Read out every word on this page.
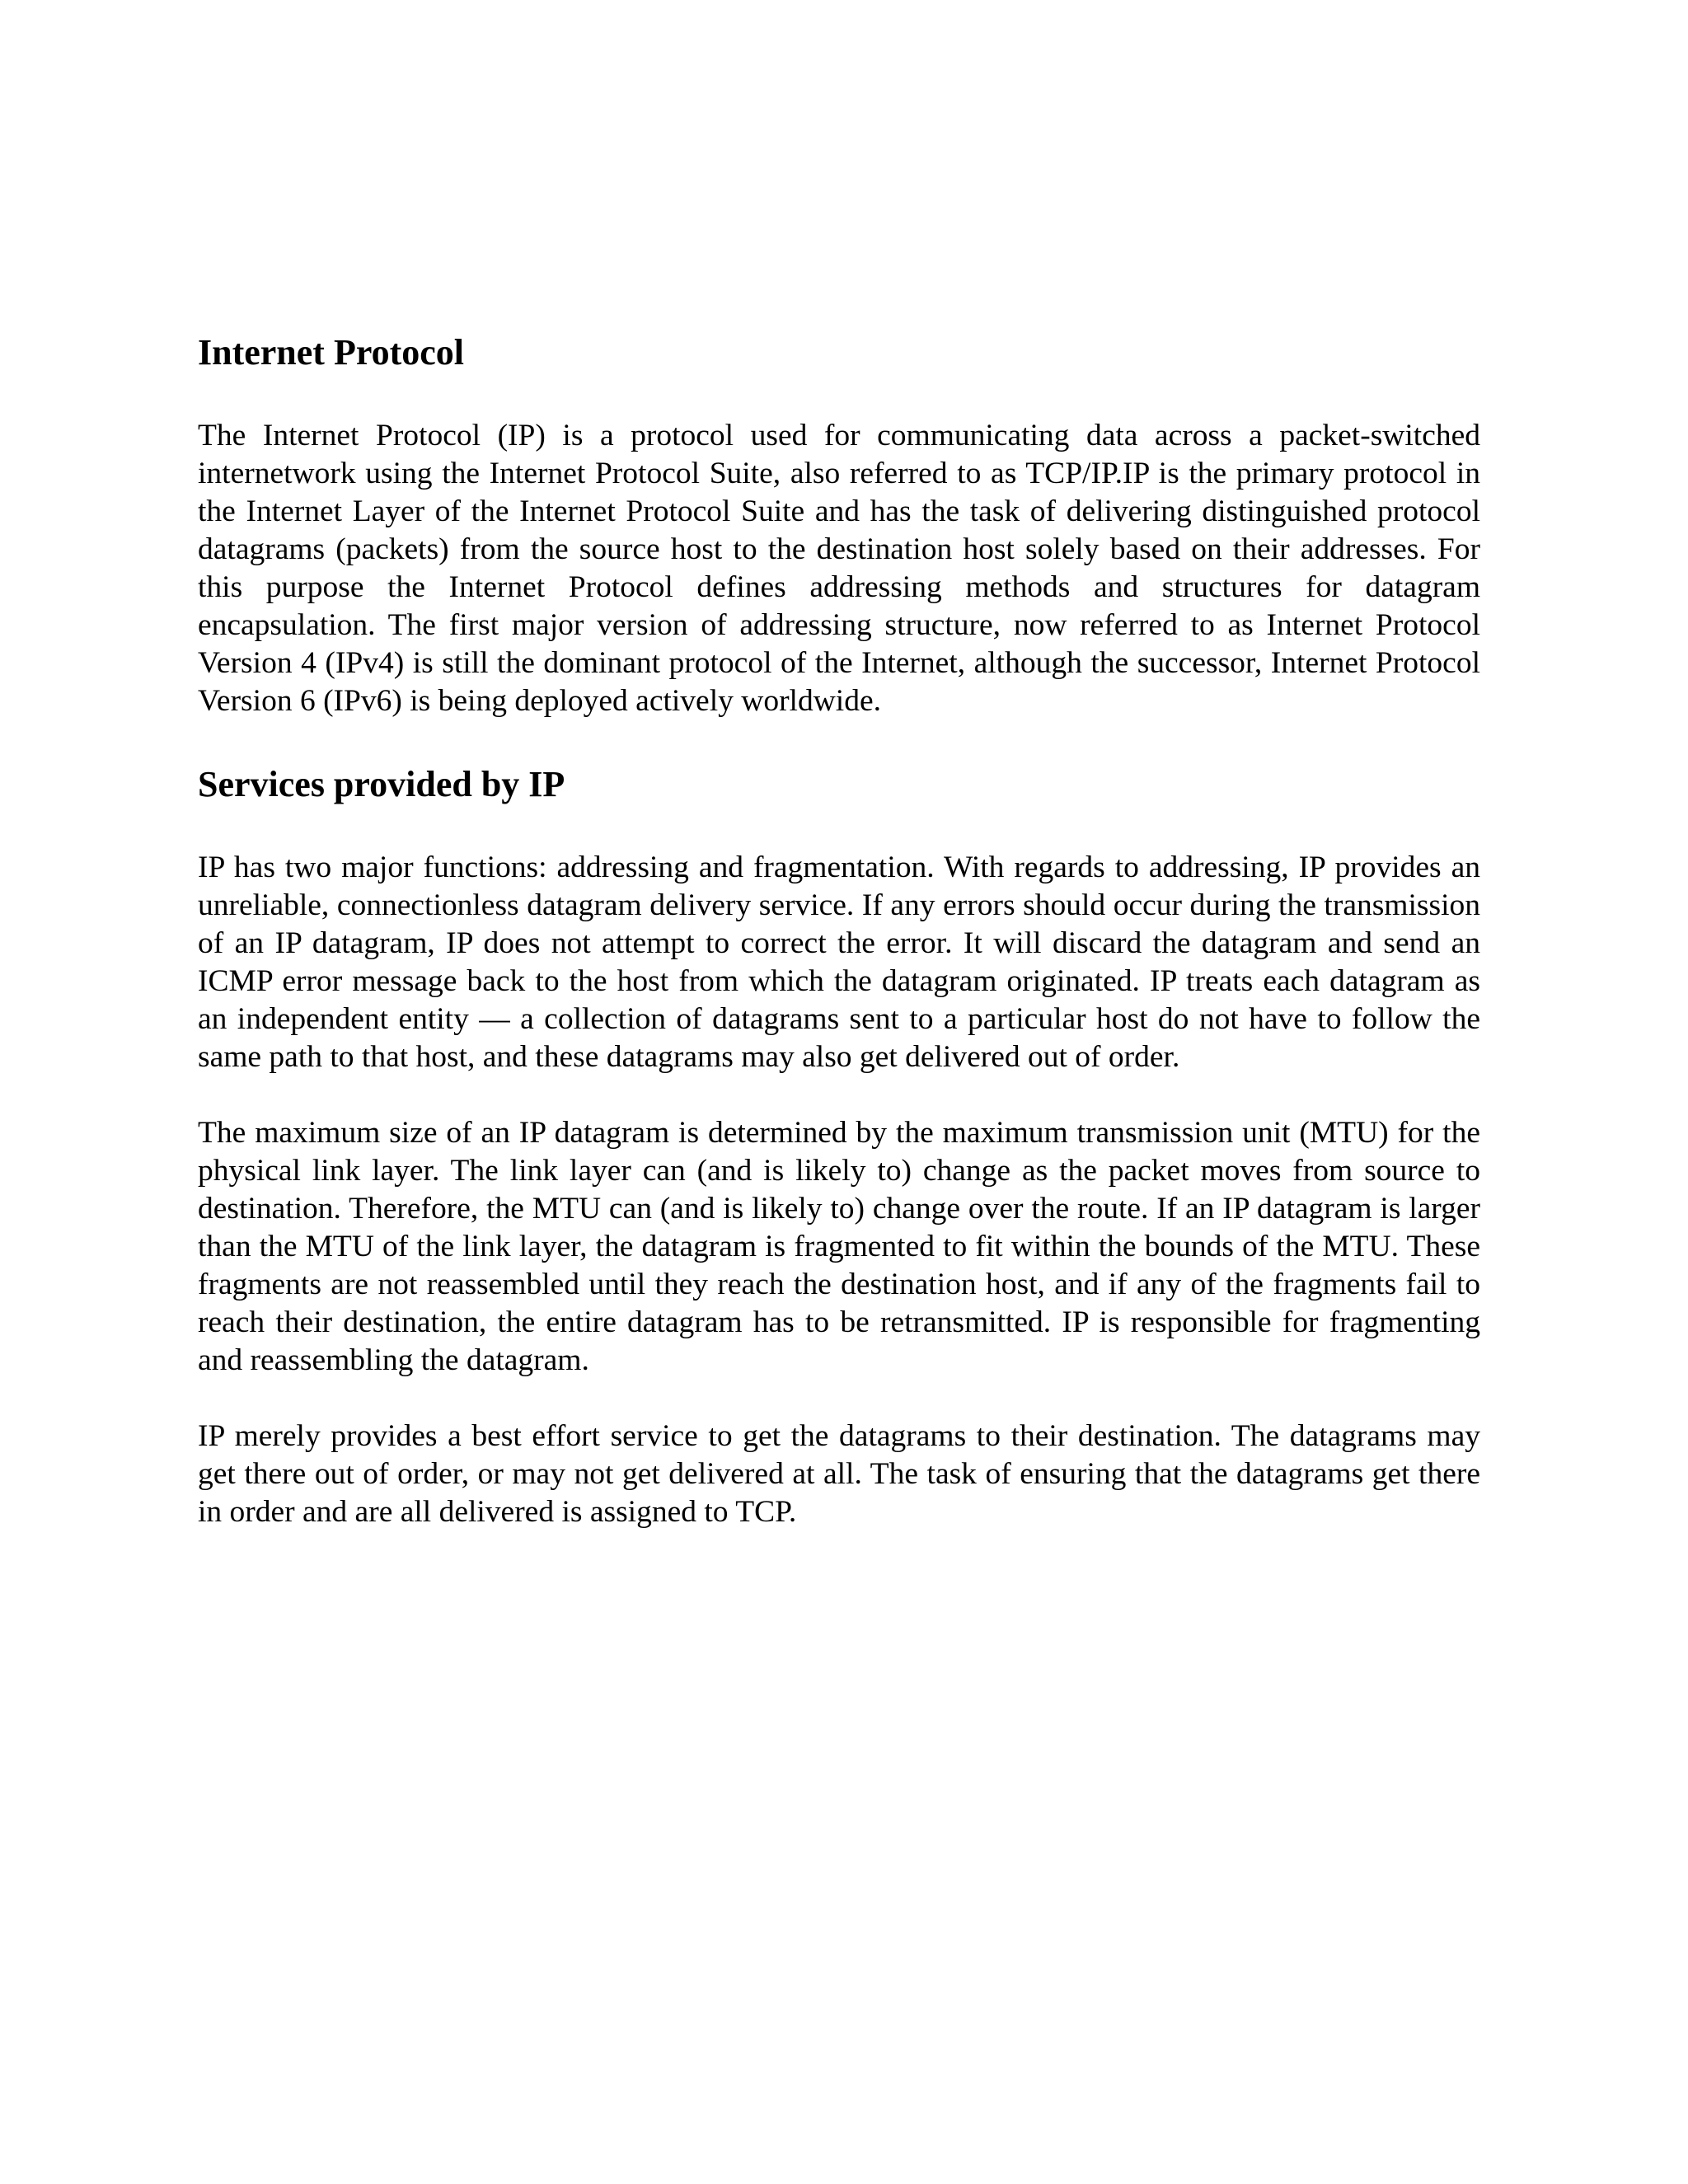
Internet Protocol

The Internet Protocol (IP) is a protocol used for communicating data across a packet-switched internetwork using the Internet Protocol Suite, also referred to as TCP/IP.IP is the primary protocol in the Internet Layer of the Internet Protocol Suite and has the task of delivering distinguished protocol datagrams (packets) from the source host to the destination host solely based on their addresses. For this purpose the Internet Protocol defines addressing methods and structures for datagram encapsulation. The first major version of addressing structure, now referred to as Internet Protocol Version 4 (IPv4) is still the dominant protocol of the Internet, although the successor, Internet Protocol Version 6 (IPv6) is being deployed actively worldwide.

Services provided by IP

IP has two major functions: addressing and fragmentation. With regards to addressing, IP provides an unreliable, connectionless datagram delivery service. If any errors should occur during the transmission of an IP datagram, IP does not attempt to correct the error. It will discard the datagram and send an ICMP error message back to the host from which the datagram originated. IP treats each datagram as an independent entity — a collection of datagrams sent to a particular host do not have to follow the same path to that host, and these datagrams may also get delivered out of order.

The maximum size of an IP datagram is determined by the maximum transmission unit (MTU) for the physical link layer. The link layer can (and is likely to) change as the packet moves from source to destination. Therefore, the MTU can (and is likely to) change over the route. If an IP datagram is larger than the MTU of the link layer, the datagram is fragmented to fit within the bounds of the MTU. These fragments are not reassembled until they reach the destination host, and if any of the fragments fail to reach their destination, the entire datagram has to be retransmitted. IP is responsible for fragmenting and reassembling the datagram.

IP merely provides a best effort service to get the datagrams to their destination. The datagrams may get there out of order, or may not get delivered at all. The task of ensuring that the datagrams get there in order and are all delivered is assigned to TCP.
